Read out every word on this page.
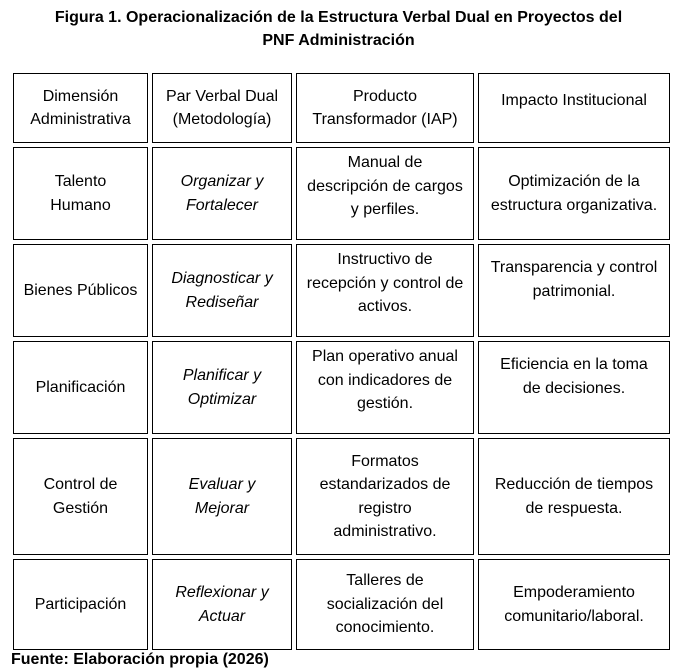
Figura 1. Operacionalización de la Estructura Verbal Dual en Proyectos del
PNF Administración
Dimensión
Administrativa
Par Verbal Dual
(Metodología)
Producto
Transformador (IAP)
Impacto Institucional
Talento
Humano
Organizar y
Fortalecer
Manual de
descripción de cargos
y perfiles.
Optimización de la
estructura organizativa.
Bienes Públicos
Diagnosticar y
Rediseñar
Instructivo de
recepción y control de
activos.
Transparencia y control
patrimonial.
Planificación
Planificar y
Optimizar
Plan operativo anual
con indicadores de
gestión.
Eficiencia en la toma
de decisiones.
Control de
Gestión
Evaluar y
Mejorar
Formatos
estandarizados de
registro
administrativo.
Reducción de tiempos
de respuesta.
Participación
Reflexionar y
Actuar
Talleres de
socialización del
conocimiento.
Empoderamiento
comunitario/laboral.
Fuente: Elaboración propia (2026)
